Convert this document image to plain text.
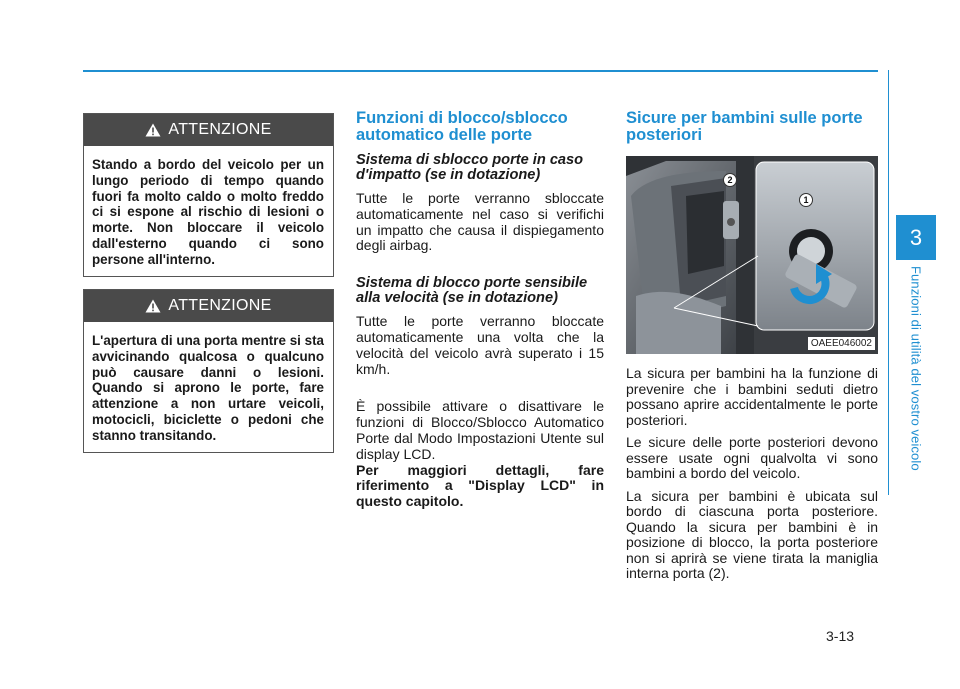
3
Funzioni di utilità del vostro veicolo
ATTENZIONE
Stando a bordo del veicolo per un lungo periodo di tempo quando fuori fa molto caldo o molto freddo ci si espone al rischio di lesioni o morte. Non bloccare il veicolo dall'esterno quando ci sono persone all'interno.
ATTENZIONE
L'apertura di una porta mentre si sta avvicinando qualcosa o qualcuno può causare danni o lesioni. Quando si aprono le porte, fare attenzione a non urtare veicoli, motocicli, biciclette o pedoni che stanno transitando.
Funzioni di blocco/sblocco automatico delle porte
Sistema di sblocco porte in caso d'impatto (se in dotazione)
Tutte le porte verranno sbloccate automaticamente nel caso si verifichi un impatto che causa il dispiegamento degli airbag.
Sistema di blocco porte sensibile alla velocità (se in dotazione)
Tutte le porte verranno bloccate automaticamente una volta che la velocità del veicolo avrà superato i 15 km/h.
È possibile attivare o disattivare le funzioni di Blocco/Sblocco Automatico Porte dal Modo Impostazioni Utente sul display LCD.
Per maggiori dettagli, fare riferimento a "Display LCD" in questo capitolo.
Sicure per bambini sulle porte posteriori
2
1
OAEE046002
La sicura per bambini ha la funzione di prevenire che i bambini seduti dietro possano aprire accidentalmente le porte posteriori.
Le sicure delle porte posteriori devono essere usate ogni qualvolta vi sono bambini a bordo del veicolo.
La sicura per bambini è ubicata sul bordo di ciascuna porta posteriore. Quando la sicura per bambini è in posizione di blocco, la porta posteriore non si aprirà se viene tirata la maniglia interna porta (2).
3-13
